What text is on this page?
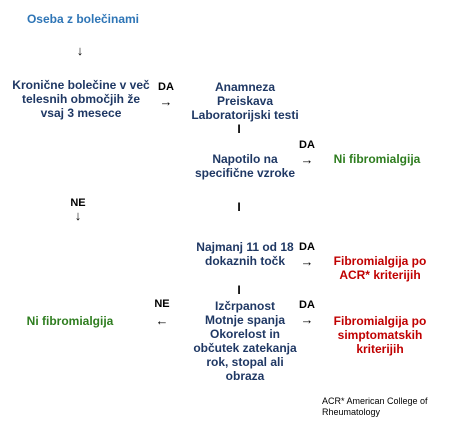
Oseba z bolečinami
↓
Kronične bolečine v več
telesnih območjih že
vsaj 3 mesece
DA
→
Anamneza
Preiskava
Laboratorijski testi
I
DA
→
Napotilo na
specifične vzroke
Ni fibromialgija
NE
↓
I
Najmanj 11 od 18
dokaznih točk
DA
→	Fibromialgija po
ACR* kriterijih
I
Izčrpanost
Motnje spanja
Okorelost in
občutek zatekanja
rok, stopal ali
obraza
NE
←
Ni fibromialgija
DA
→	Fibromialgija po
simptomatskih
kriterijih
ACR* American College of
Rheumatology
